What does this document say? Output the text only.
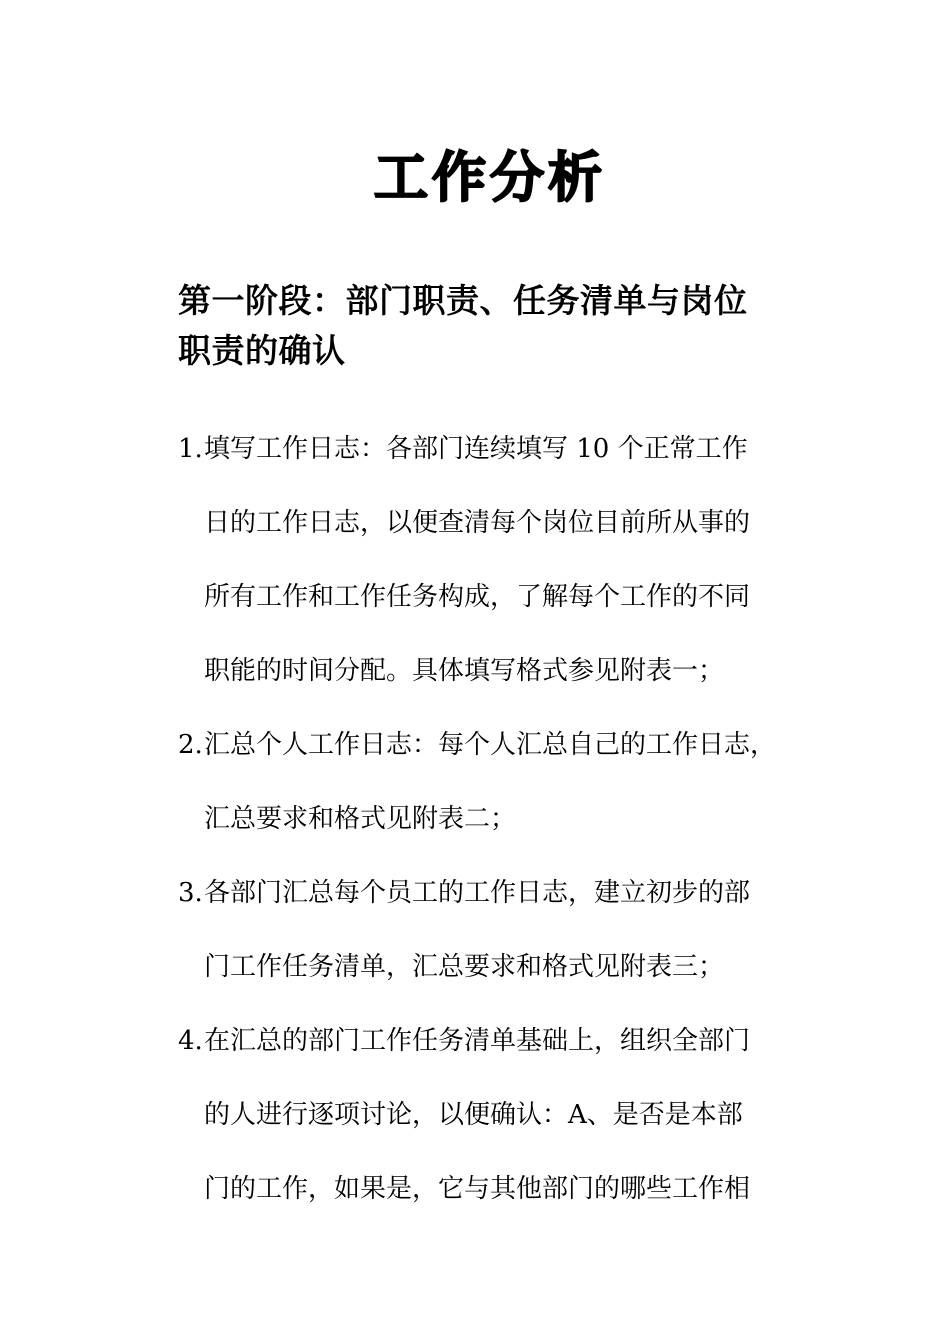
工作分析
第一阶段：部门职责、任务清单与岗位
职责的确认
1. 填写工作日志：各部门连续填写 10 个正常工作
日的工作日志，以便查清每个岗位目前所从事的
所有工作和工作任务构成，了解每个工作的不同
职能的时间分配。具体填写格式参见附表一；
2. 汇总个人工作日志：每个人汇总自己的工作日志，
汇总要求和格式见附表二；
3. 各部门汇总每个员工的工作日志，建立初步的部
门工作任务清单，汇总要求和格式见附表三；
4. 在汇总的部门工作任务清单基础上，组织全部门
的人进行逐项讨论，以便确认：A、是否是本部
门的工作，如果是，它与其他部门的哪些工作相
